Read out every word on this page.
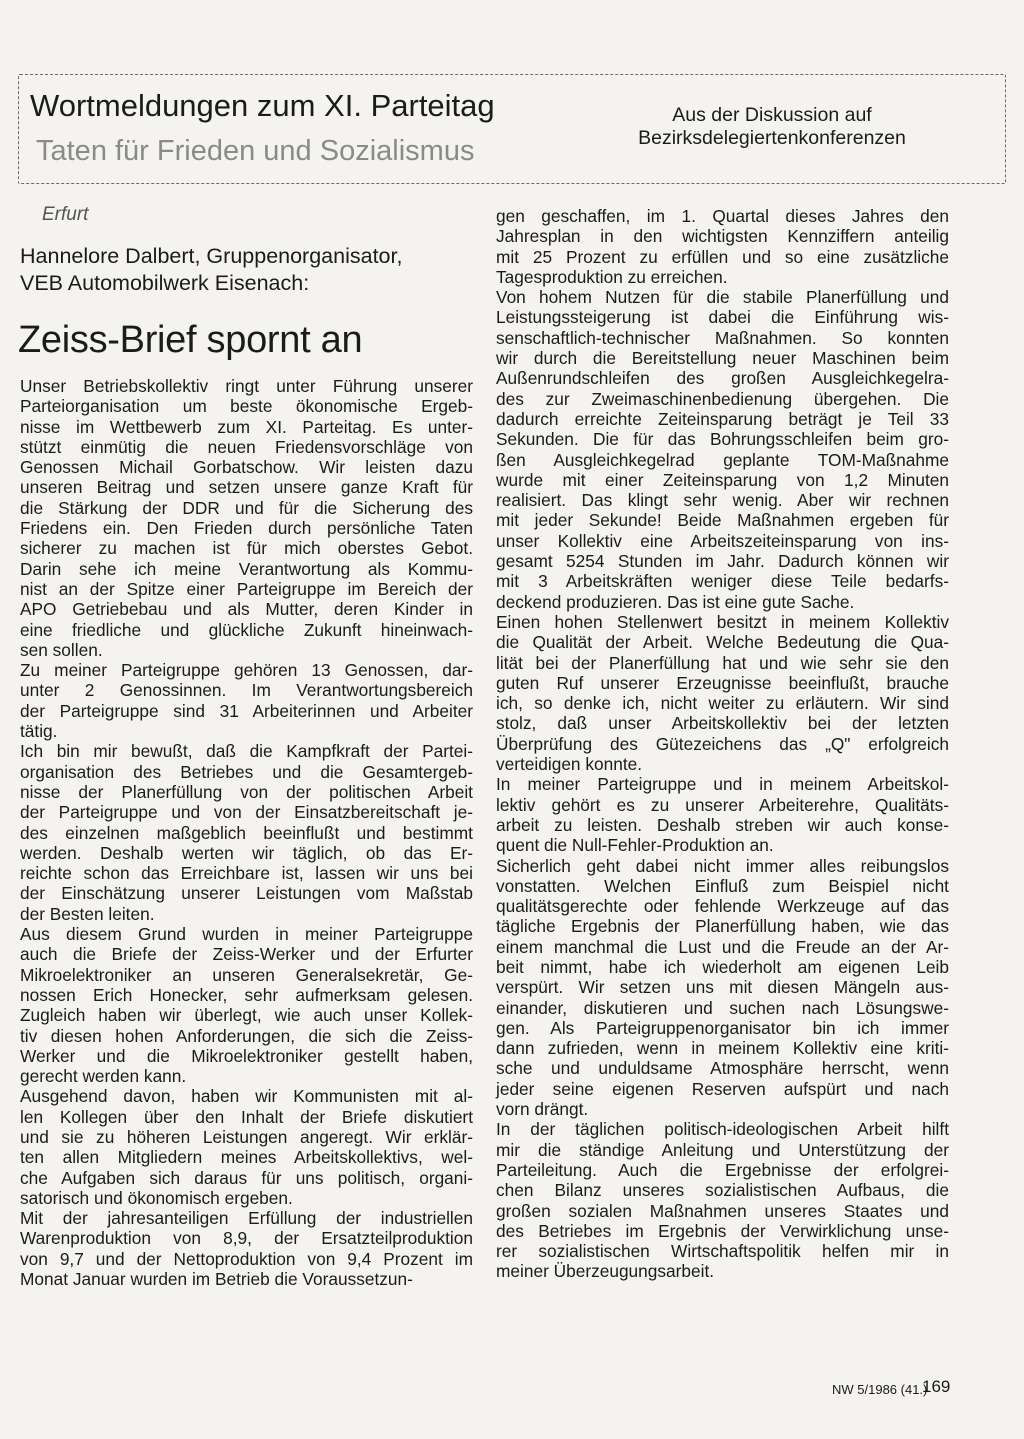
Wortmeldungen zum XI. Parteitag
Taten für Frieden und Sozialismus
Aus der Diskussion auf
Bezirksdelegiertenkonferenzen
Erfurt
Hannelore Dalbert, Gruppenorganisator,
VEB Automobilwerk Eisenach:
Zeiss-Brief spornt an
Unser Betriebskollektiv ringt unter Führung unserer
Parteiorganisation um beste ökonomische Ergeb-
nisse im Wettbewerb zum XI. Parteitag. Es unter-
stützt einmütig die neuen Friedensvorschläge von
Genossen Michail Gorbatschow. Wir leisten dazu
unseren Beitrag und setzen unsere ganze Kraft für
die Stärkung der DDR und für die Sicherung des
Friedens ein. Den Frieden durch persönliche Taten
sicherer zu machen ist für mich oberstes Gebot.
Darin sehe ich meine Verantwortung als Kommu-
nist an der Spitze einer Parteigruppe im Bereich der
APO Getriebebau und als Mutter, deren Kinder in
eine friedliche und glückliche Zukunft hineinwach-
sen sollen.
Zu meiner Parteigruppe gehören 13 Genossen, dar-
unter 2 Genossinnen. Im Verantwortungsbereich
der Parteigruppe sind 31 Arbeiterinnen und Arbeiter
tätig.
Ich bin mir bewußt, daß die Kampfkraft der Partei-
organisation des Betriebes und die Gesamtergeb-
nisse der Planerfüllung von der politischen Arbeit
der Parteigruppe und von der Einsatzbereitschaft je-
des einzelnen maßgeblich beeinflußt und bestimmt
werden. Deshalb werten wir täglich, ob das Er-
reichte schon das Erreichbare ist, lassen wir uns bei
der Einschätzung unserer Leistungen vom Maßstab
der Besten leiten.
Aus diesem Grund wurden in meiner Parteigruppe
auch die Briefe der Zeiss-Werker und der Erfurter
Mikroelektroniker an unseren Generalsekretär, Ge-
nossen Erich Honecker, sehr aufmerksam gelesen.
Zugleich haben wir überlegt, wie auch unser Kollek-
tiv diesen hohen Anforderungen, die sich die Zeiss-
Werker und die Mikroelektroniker gestellt haben,
gerecht werden kann.
Ausgehend davon, haben wir Kommunisten mit al-
len Kollegen über den Inhalt der Briefe diskutiert
und sie zu höheren Leistungen angeregt. Wir erklär-
ten allen Mitgliedern meines Arbeitskollektivs, wel-
che Aufgaben sich daraus für uns politisch, organi-
satorisch und ökonomisch ergeben.
Mit der jahresanteiligen Erfüllung der industriellen
Warenproduktion von 8,9, der Ersatzteilproduktion
von 9,7 und der Nettoproduktion von 9,4 Prozent im
Monat Januar wurden im Betrieb die Voraussetzun-
gen geschaffen, im 1. Quartal dieses Jahres den
Jahresplan in den wichtigsten Kennziffern anteilig
mit 25 Prozent zu erfüllen und so eine zusätzliche
Tagesproduktion zu erreichen.
Von hohem Nutzen für die stabile Planerfüllung und
Leistungssteigerung ist dabei die Einführung wis-
senschaftlich-technischer Maßnahmen. So konnten
wir durch die Bereitstellung neuer Maschinen beim
Außenrundschleifen des großen Ausgleichkegelra-
des zur Zweimaschinenbedienung übergehen. Die
dadurch erreichte Zeiteinsparung beträgt je Teil 33
Sekunden. Die für das Bohrungsschleifen beim gro-
ßen Ausgleichkegelrad geplante TOM-Maßnahme
wurde mit einer Zeiteinsparung von 1,2 Minuten
realisiert. Das klingt sehr wenig. Aber wir rechnen
mit jeder Sekunde! Beide Maßnahmen ergeben für
unser Kollektiv eine Arbeitszeiteinsparung von ins-
gesamt 5254 Stunden im Jahr. Dadurch können wir
mit 3 Arbeitskräften weniger diese Teile bedarfs-
deckend produzieren. Das ist eine gute Sache.
Einen hohen Stellenwert besitzt in meinem Kollektiv
die Qualität der Arbeit. Welche Bedeutung die Qua-
lität bei der Planerfüllung hat und wie sehr sie den
guten Ruf unserer Erzeugnisse beeinflußt, brauche
ich, so denke ich, nicht weiter zu erläutern. Wir sind
stolz, daß unser Arbeitskollektiv bei der letzten
Überprüfung des Gütezeichens das „Q" erfolgreich
verteidigen konnte.
In meiner Parteigruppe und in meinem Arbeitskol-
lektiv gehört es zu unserer Arbeiterehre, Qualitäts-
arbeit zu leisten. Deshalb streben wir auch konse-
quent die Null-Fehler-Produktion an.
Sicherlich geht dabei nicht immer alles reibungslos
vonstatten. Welchen Einfluß zum Beispiel nicht
qualitätsgerechte oder fehlende Werkzeuge auf das
tägliche Ergebnis der Planerfüllung haben, wie das
einem manchmal die Lust und die Freude an der Ar-
beit nimmt, habe ich wiederholt am eigenen Leib
verspürt. Wir setzen uns mit diesen Mängeln aus-
einander, diskutieren und suchen nach Lösungswe-
gen. Als Parteigruppenorganisator bin ich immer
dann zufrieden, wenn in meinem Kollektiv eine kriti-
sche und unduldsame Atmosphäre herrscht, wenn
jeder seine eigenen Reserven aufspürt und nach
vorn drängt.
In der täglichen politisch-ideologischen Arbeit hilft
mir die ständige Anleitung und Unterstützung der
Parteileitung. Auch die Ergebnisse der erfolgrei-
chen Bilanz unseres sozialistischen Aufbaus, die
großen sozialen Maßnahmen unseres Staates und
des Betriebes im Ergebnis der Verwirklichung unse-
rer sozialistischen Wirtschaftspolitik helfen mir in
meiner Überzeugungsarbeit.
NW 5/1986 (41.)
169
